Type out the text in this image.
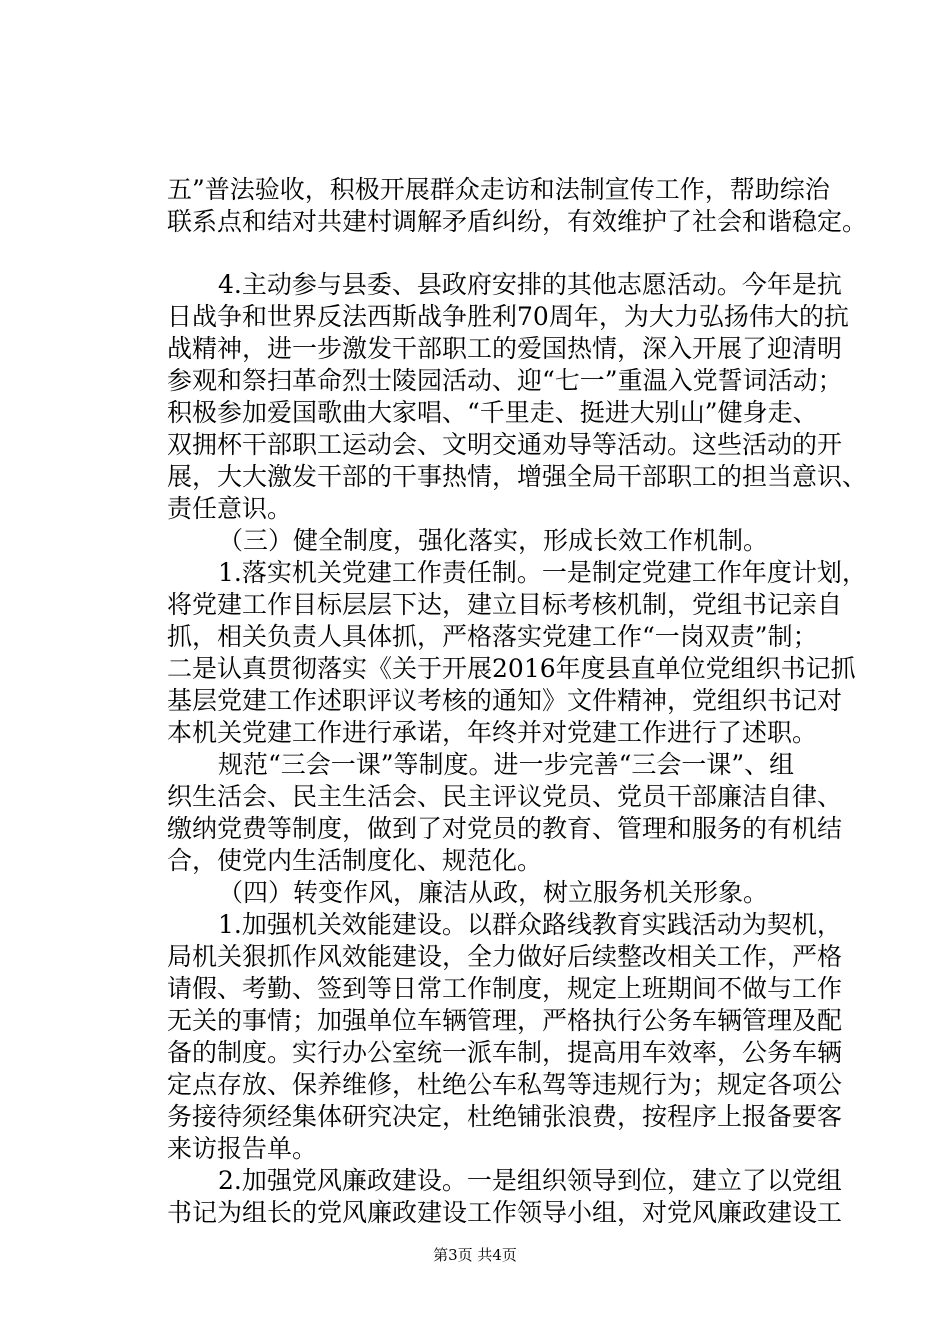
五”普法验收，积极开展群众走访和法制宣传工作，帮助综治
联系点和结对共建村调解矛盾纠纷，有效维护了社会和谐稳定。
4.主动参与县委、县政府安排的其他志愿活动。今年是抗
日战争和世界反法西斯战争胜利70周年，为大力弘扬伟大的抗
战精神，进一步激发干部职工的爱国热情，深入开展了迎清明
参观和祭扫革命烈士陵园活动、迎“七一”重温入党誓词活动；
积极参加爱国歌曲大家唱、“千里走、挺进大别山”健身走、
双拥杯干部职工运动会、文明交通劝导等活动。这些活动的开
展，大大激发干部的干事热情，增强全局干部职工的担当意识、
责任意识。
（三）健全制度，强化落实，形成长效工作机制。
1.落实机关党建工作责任制。一是制定党建工作年度计划，
将党建工作目标层层下达，建立目标考核机制，党组书记亲自
抓，相关负责人具体抓，严格落实党建工作“一岗双责”制；
二是认真贯彻落实《关于开展2016年度县直单位党组织书记抓
基层党建工作述职评议考核的通知》文件精神，党组织书记对
本机关党建工作进行承诺，年终并对党建工作进行了述职。
规范“三会一课”等制度。进一步完善“三会一课”、组
织生活会、民主生活会、民主评议党员、党员干部廉洁自律、
缴纳党费等制度，做到了对党员的教育、管理和服务的有机结
合，使党内生活制度化、规范化。
（四）转变作风，廉洁从政，树立服务机关形象。
1.加强机关效能建设。以群众路线教育实践活动为契机，
局机关狠抓作风效能建设，全力做好后续整改相关工作，严格
请假、考勤、签到等日常工作制度，规定上班期间不做与工作
无关的事情；加强单位车辆管理，严格执行公务车辆管理及配
备的制度。实行办公室统一派车制，提高用车效率，公务车辆
定点存放、保养维修，杜绝公车私驾等违规行为；规定各项公
务接待须经集体研究决定，杜绝铺张浪费，按程序上报备要客
来访报告单。
2.加强党风廉政建设。一是组织领导到位，建立了以党组
书记为组长的党风廉政建设工作领导小组，对党风廉政建设工
第3页 共4页
